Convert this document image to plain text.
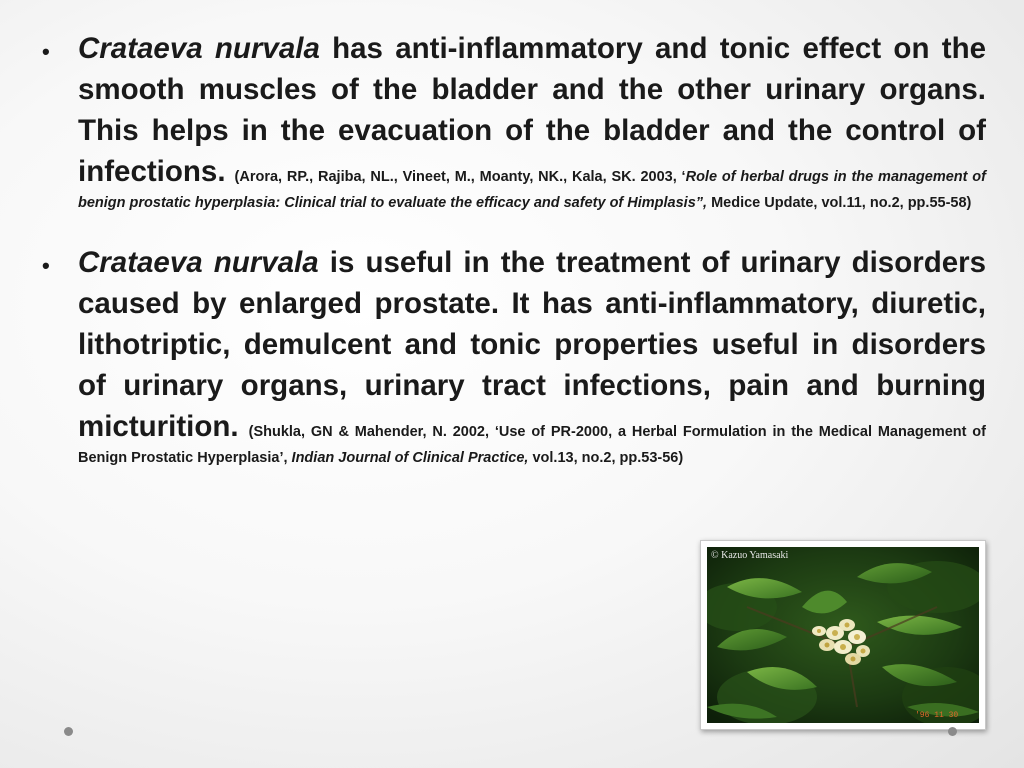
• Crataeva nurvala has anti-inflammatory and tonic effect on the smooth muscles of the bladder and the other urinary organs. This helps in the evacuation of the bladder and the control of infections. (Arora, RP., Rajiba, NL., Vineet, M., Moanty, NK., Kala, SK. 2003, ‘Role of herbal drugs in the management of benign prostatic hyperplasia: Clinical trial to evaluate the efficacy and safety of Himplasis”, Medice Update, vol.11, no.2, pp.55-58)
• Crataeva nurvala is useful in the treatment of urinary disorders caused by enlarged prostate. It has anti-inflammatory, diuretic, lithotriptic, demulcent and tonic properties useful in disorders of urinary organs, urinary tract infections, pain and burning micturition. (Shukla, GN & Mahender, N. 2002, ‘Use of PR-2000, a Herbal Formulation in the Medical Management of Benign Prostatic Hyperplasia’, Indian Journal of Clinical Practice, vol.13, no.2, pp.53-56)
© Kazuo Yamasaki
'96 11 30
